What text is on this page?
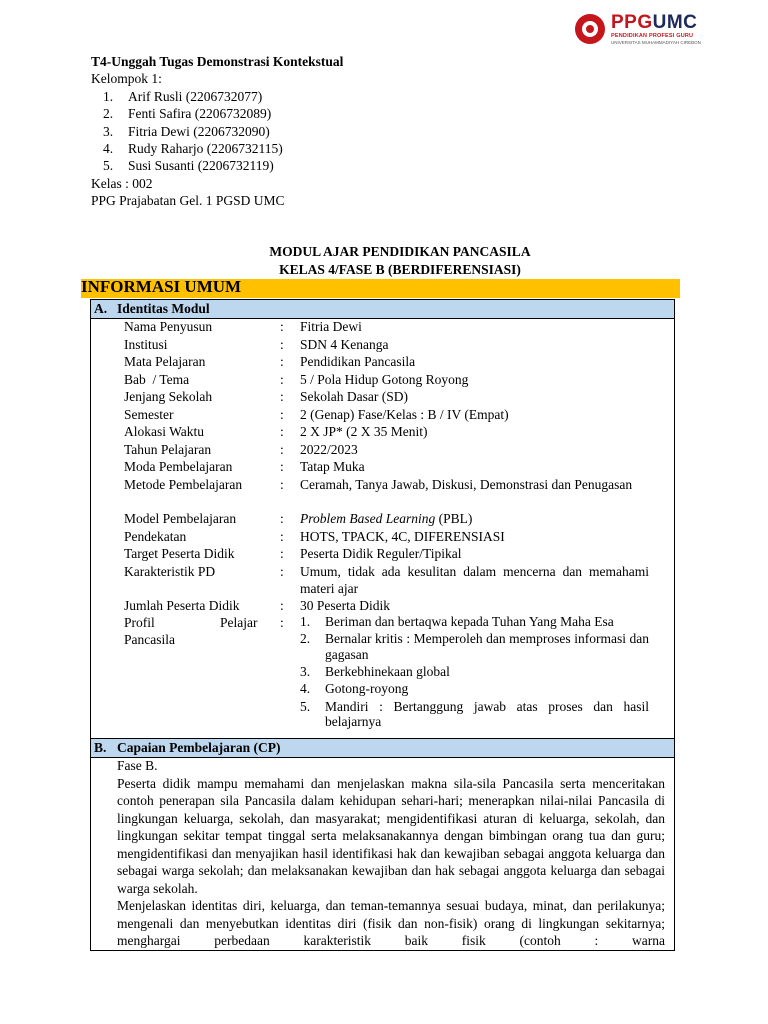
PPGUMC
PENDIDIKAN PROFESI GURU
UNIVERSITAS MUHAMMADIYAH CIREBON
T4-Unggah Tugas Demonstrasi Kontekstual
Kelompok 1:
1. Arif Rusli (2206732077)
2. Fenti Safira (2206732089)
3. Fitria Dewi (2206732090)
4. Rudy Raharjo (2206732115)
5. Susi Susanti (2206732119)
Kelas : 002
PPG Prajabatan Gel. 1 PGSD UMC
MODUL AJAR PENDIDIKAN PANCASILA
KELAS 4/FASE B (BERDIFERENSIASI)
INFORMASI UMUM
A. Identitas Modul
Nama Penyusun	: Fitria Dewi
Institusi	: SDN 4 Kenanga
Mata Pelajaran	: Pendidikan Pancasila
Bab  / Tema	: 5 / Pola Hidup Gotong Royong
Jenjang Sekolah	: Sekolah Dasar (SD)
Semester	: 2 (Genap) Fase/Kelas : B / IV (Empat)
Alokasi Waktu	: 2 X JP* (2 X 35 Menit)
Tahun Pelajaran	: 2022/2023
Moda Pembelajaran	: Tatap Muka
Metode Pembelajaran	: Ceramah, Tanya Jawab, Diskusi, Demonstrasi dan Penugasan
Model Pembelajaran	: Problem Based Learning (PBL)
Pendekatan	: HOTS, TPACK, 4C, DIFERENSIASI
Target Peserta Didik	: Peserta Didik Reguler/Tipikal
Karakteristik PD	: Umum, tidak ada kesulitan dalam mencerna dan memahami materi ajar
Jumlah Peserta Didik	: 30 Peserta Didik
Profil	Pelajar
Pancasila
: 1. Beriman dan bertaqwa kepada Tuhan Yang Maha Esa
2. Bernalar kritis : Memperoleh dan memproses informasi dan gagasan
3. Berkebhinekaan global
4. Gotong-royong
5. Mandiri : Bertanggung jawab atas proses dan hasil belajarnya
B. Capaian Pembelajaran (CP)

Fase B.

Peserta didik mampu memahami dan menjelaskan makna sila-sila Pancasila serta menceritakan contoh penerapan sila Pancasila dalam kehidupan sehari-hari; menerapkan nilai-nilai Pancasila di lingkungan keluarga, sekolah, dan masyarakat; mengidentifikasi aturan di keluarga, sekolah, dan lingkungan sekitar tempat tinggal serta melaksanakannya dengan bimbingan orang tua dan guru; mengidentifikasi dan menyajikan hasil identifikasi hak dan kewajiban sebagai anggota keluarga dan sebagai warga sekolah; dan melaksanakan kewajiban dan hak sebagai anggota keluarga dan sebagai warga sekolah.

Menjelaskan identitas diri, keluarga, dan teman-temannya sesuai budaya, minat, dan perilakunya; mengenali dan menyebutkan identitas diri (fisik dan non-fisik) orang di lingkungan sekitarnya; menghargai perbedaan karakteristik baik fisik (contoh : warna
